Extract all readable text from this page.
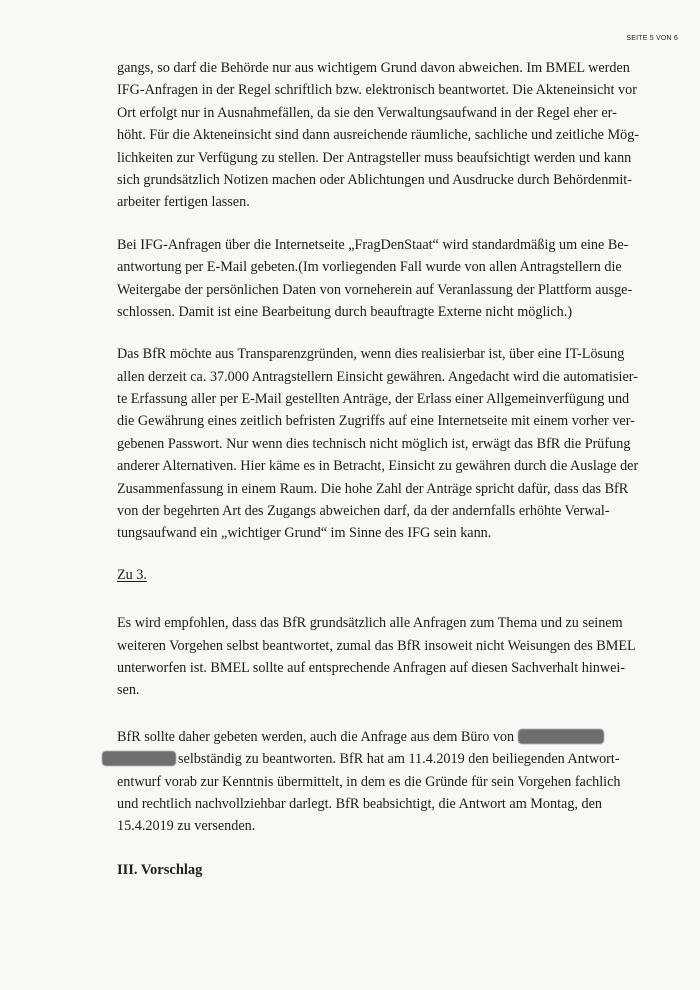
SEITE 5 VON 6
gangs, so darf die Behörde nur aus wichtigem Grund davon abweichen. Im BMEL werden
IFG-Anfragen in der Regel schriftlich bzw. elektronisch beantwortet. Die Akteneinsicht vor
Ort erfolgt nur in Ausnahmefällen, da sie den Verwaltungsaufwand in der Regel eher er-
höht. Für die Akteneinsicht sind dann ausreichende räumliche, sachliche und zeitliche Mög-
lichkeiten zur Verfügung zu stellen. Der Antragsteller muss beaufsichtigt werden und kann
sich grundsätzlich Notizen machen oder Ablichtungen und Ausdrucke durch Behördenmit-
arbeiter fertigen lassen.
Bei IFG-Anfragen über die Internetseite „FragDenStaat“ wird standardmäßig um eine Be-
antwortung per E-Mail gebeten.(Im vorliegenden Fall wurde von allen Antragstellern die
Weitergabe der persönlichen Daten von vorneherein auf Veranlassung der Plattform ausge-
schlossen. Damit ist eine Bearbeitung durch beauftragte Externe nicht möglich.)
Das BfR möchte aus Transparenzgründen, wenn dies realisierbar ist, über eine IT-Lösung
allen derzeit ca. 37.000 Antragstellern Einsicht gewähren. Angedacht wird die automatisier-
te Erfassung aller per E-Mail gestellten Anträge, der Erlass einer Allgemeinverfügung und
die Gewährung eines zeitlich befristen Zugriffs auf eine Internetseite mit einem vorher ver-
gebenen Passwort. Nur wenn dies technisch nicht möglich ist, erwägt das BfR die Prüfung
anderer Alternativen. Hier käme es in Betracht, Einsicht zu gewähren durch die Auslage der
Zusammenfassung in einem Raum. Die hohe Zahl der Anträge spricht dafür, dass das BfR
von der begehrten Art des Zugangs abweichen darf, da der andernfalls erhöhte Verwal-
tungsaufwand ein „wichtiger Grund“ im Sinne des IFG sein kann.
Zu 3.
Es wird empfohlen, dass das BfR grundsätzlich alle Anfragen zum Thema und zu seinem
weiteren Vorgehen selbst beantwortet, zumal das BfR insoweit nicht Weisungen des BMEL
unterworfen ist. BMEL sollte auf entsprechende Anfragen auf diesen Sachverhalt hinwei-
sen.
BfR sollte daher gebeten werden, auch die Anfrage aus dem Büro von
selbständig zu beantworten. BfR hat am 11.4.2019 den beiliegenden Antwort-
entwurf vorab zur Kenntnis übermittelt, in dem es die Gründe für sein Vorgehen fachlich
und rechtlich nachvollziehbar darlegt. BfR beabsichtigt, die Antwort am Montag, den
15.4.2019 zu versenden.
III. Vorschlag
